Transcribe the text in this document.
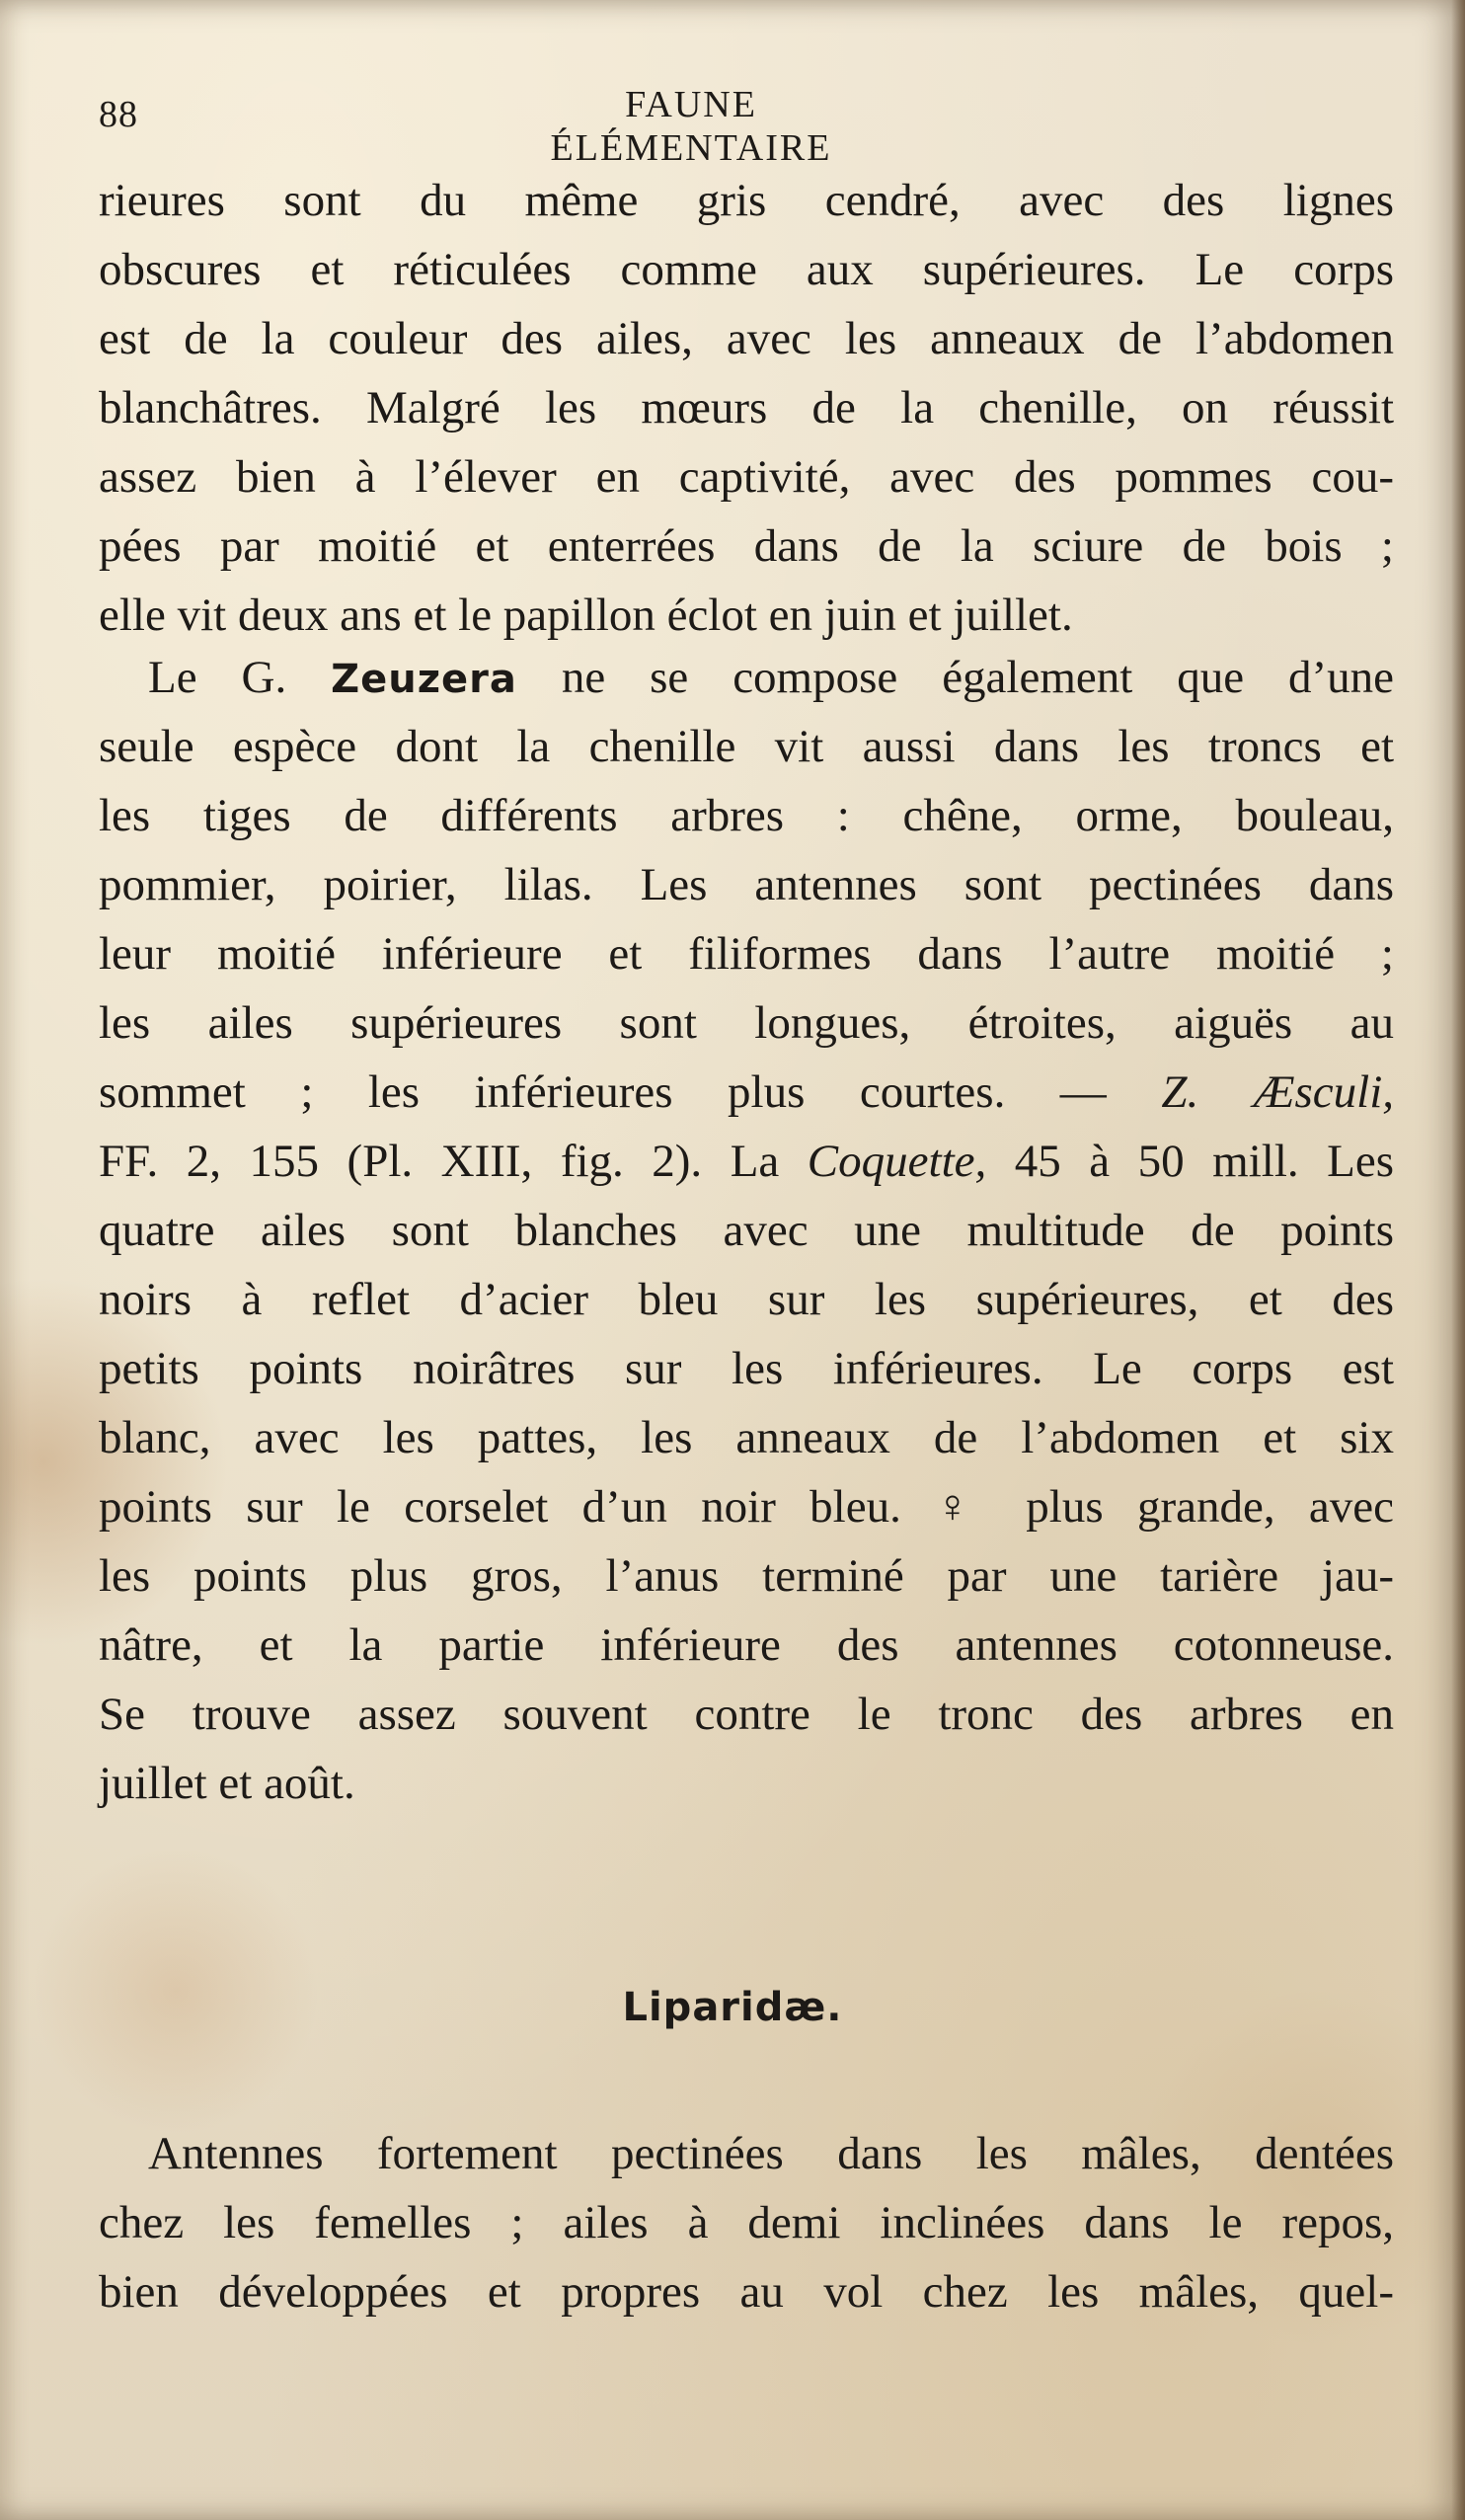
88	FAUNE ÉLÉMENTAIRE
rieures sont du même gris cendré, avec des lignes
obscures et réticulées comme aux supérieures. Le corps
est de la couleur des ailes, avec les anneaux de l’abdomen
blanchâtres. Malgré les mœurs de la chenille, on réussit
assez bien à l’élever en captivité, avec des pommes cou-
pées par moitié et enterrées dans de la sciure de bois ;
elle vit deux ans et le papillon éclot en juin et juillet.
Le G. Zeuzera ne se compose également que d’une
seule espèce dont la chenille vit aussi dans les troncs et
les tiges de différents arbres : chêne, orme, bouleau,
pommier, poirier, lilas. Les antennes sont pectinées dans
leur moitié inférieure et filiformes dans l’autre moitié ;
les ailes supérieures sont longues, étroites, aiguës au
sommet ; les inférieures plus courtes. — Z. Æsculi,
FF. 2, 155 (Pl. XIII, fig. 2). La Coquette, 45 à 50 mill. Les
quatre ailes sont blanches avec une multitude de points
noirs à reflet d’acier bleu sur les supérieures, et des
petits points noirâtres sur les inférieures. Le corps est
blanc, avec les pattes, les anneaux de l’abdomen et six
points sur le corselet d’un noir bleu. ♀ plus grande, avec
les points plus gros, l’anus terminé par une tarière jau-
nâtre, et la partie inférieure des antennes cotonneuse.
Se trouve assez souvent contre le tronc des arbres en
juillet et août.
Liparidæ.
Antennes fortement pectinées dans les mâles, dentées
chez les femelles ; ailes à demi inclinées dans le repos,
bien développées et propres au vol chez les mâles, quel-
